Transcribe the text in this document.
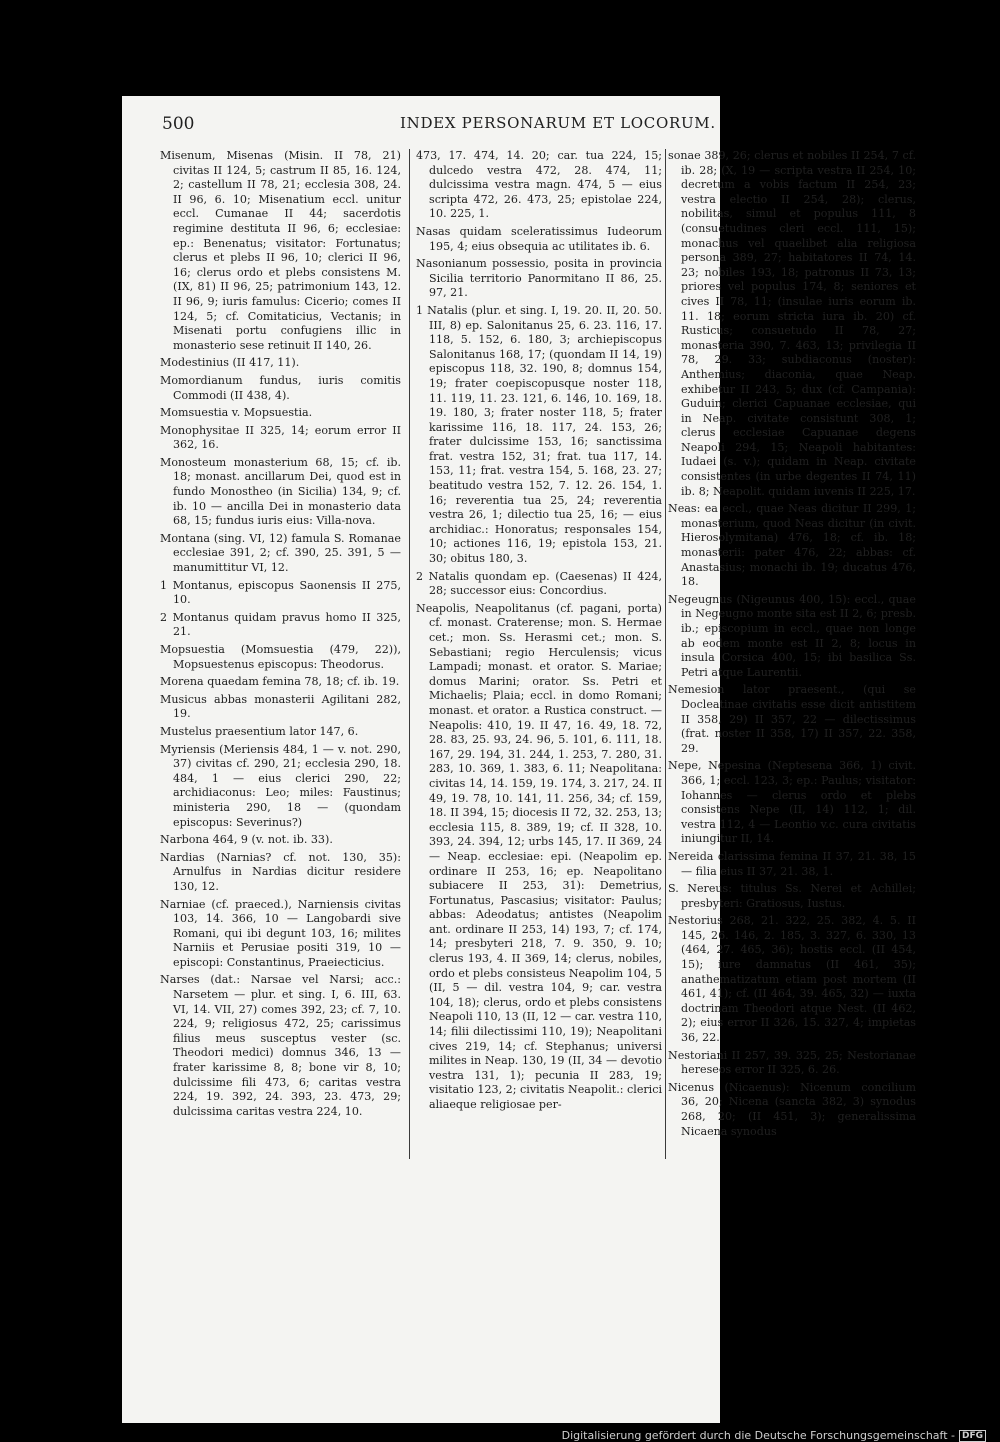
500	INDEX PERSONARUM ET LOCORUM.

Misenum, Misenas (Misin. II 78, 21) civitas II 124, 5; castrum II 85, 16. 124, 2; castellum II 78, 21; ecclesia 308, 24. II 96, 6. 10; Misenatium eccl. unitur eccl. Cumanae II 44; sacerdotis regimine destituta II 96, 6; ecclesiae: ep.: Benenatus; visitator: Fortunatus; clerus et plebs II 96, 10; clerici II 96, 16; clerus ordo et plebs consistens M. (IX, 81) II 96, 25; patrimonium 143, 12. II 96, 9; iuris famulus: Cicerio; comes II 124, 5; cf. Comitaticius, Vectanis; in Misenati portu confugiens illic in monasterio sese retinuit II 140, 26.

Modestinius (II 417, 11).

Momordianum fundus, iuris comitis Commodi (II 438, 4).

Momsuestia v. Mopsuestia.

Monophysitae II 325, 14; eorum error II 362, 16.

Monosteum monasterium 68, 15; cf. ib. 18; monast. ancillarum Dei, quod est in fundo Monostheo (in Sicilia) 134, 9; cf. ib. 10 — ancilla Dei in monasterio data 68, 15; fundus iuris eius: Villa-nova.

Montana (sing. VI, 12) famula S. Romanae ecclesiae 391, 2; cf. 390, 25. 391, 5 — manumittitur VI, 12.

1 Montanus, episcopus Saonensis II 275, 10.

2 Montanus quidam pravus homo II 325, 21.

Mopsuestia (Momsuestia (479, 22)), Mopsuestenus episcopus: Theodorus.

Morena quaedam femina 78, 18; cf. ib. 19.

Musicus abbas monasterii Agilitani 282, 19.

Mustelus praesentium lator 147, 6.

Myriensis (Meriensis 484, 1 — v. not. 290, 37) civitas cf. 290, 21; ecclesia 290, 18. 484, 1 — eius clerici 290, 22; archidiaconus: Leo; miles: Faustinus; ministeria 290, 18 — (quondam episcopus: Severinus?)

Narbona 464, 9 (v. not. ib. 33).

Nardias (Narnias? cf. not. 130, 35): Arnulfus in Nardias dicitur residere 130, 12.

Narniae (cf. praeced.), Narniensis civitas 103, 14. 366, 10 — Langobardi sive Romani, qui ibi degunt 103, 16; milites Narniis et Perusiae positi 319, 10 — episcopi: Constantinus, Praeiecticius.

Narses (dat.: Narsae vel Narsi; acc.: Narsetem — plur. et sing. I, 6. III, 63. VI, 14. VII, 27) comes 392, 23; cf. 7, 10. 224, 9; religiosus 472, 25; carissimus filius meus susceptus vester (sc. Theodori medici) domnus 346, 13 — frater karissime 8, 8; bone vir 8, 10; dulcissime fili 473, 6; caritas vestra 224, 19. 392, 24. 393, 23. 473, 29; dulcissima caritas vestra 224, 10.

473, 17. 474, 14. 20; car. tua 224, 15; dulcedo vestra 472, 28. 474, 11; dulcissima vestra magn. 474, 5 — eius scripta 472, 26. 473, 25; epistolae 224, 10. 225, 1.

Nasas quidam sceleratissimus Iudeorum 195, 4; eius obsequia ac utilitates ib. 6.

Nasonianum possessio, posita in provincia Sicilia territorio Panormitano II 86, 25. 97, 21.

1 Natalis (plur. et sing. I, 19. 20. II, 20. 50. III, 8) ep. Salonitanus 25, 6. 23. 116, 17. 118, 5. 152, 6. 180, 3; archiepiscopus Salonitanus 168, 17; (quondam II 14, 19) episcopus 118, 32. 190, 8; domnus 154, 19; frater coepiscopusque noster 118, 11. 119, 11. 23. 121, 6. 146, 10. 169, 18. 19. 180, 3; frater noster 118, 5; frater karissime 116, 18. 117, 24. 153, 26; frater dulcissime 153, 16; sanctissima frat. vestra 152, 31; frat. tua 117, 14. 153, 11; frat. vestra 154, 5. 168, 23. 27; beatitudo vestra 152, 7. 12. 26. 154, 1. 16; reverentia tua 25, 24; reverentia vestra 26, 1; dilectio tua 25, 16; — eius archidiac.: Honoratus; responsales 154, 10; actiones 116, 19; epistola 153, 21. 30; obitus 180, 3.

2 Natalis quondam ep. (Caesenas) II 424, 28; successor eius: Concordius.

Neapolis, Neapolitanus (cf. pagani, porta) cf. monast. Craterense; mon. S. Hermae cet.; mon. Ss. Herasmi cet.; mon. S. Sebastiani; regio Herculensis; vicus Lampadi; monast. et orator. S. Mariae; domus Marini; orator. Ss. Petri et Michaelis; Plaia; eccl. in domo Romani; monast. et orator. a Rustica construct. — Neapolis: 410, 19. II 47, 16. 49, 18. 72, 28. 83, 25. 93, 24. 96, 5. 101, 6. 111, 18. 167, 29. 194, 31. 244, 1. 253, 7. 280, 31. 283, 10. 369, 1. 383, 6. 11; Neapolitana: civitas 14, 14. 159, 19. 174, 3. 217, 24. II 49, 19. 78, 10. 141, 11. 256, 34; cf. 159, 18. II 394, 15; diocesis II 72, 32. 253, 13; ecclesia 115, 8. 389, 19; cf. II 328, 10. 393, 24. 394, 12; urbs 145, 17. II 369, 24 — Neap. ecclesiae: epi. (Neapolim ep. ordinare II 253, 16; ep. Neapolitano subiacere II 253, 31): Demetrius, Fortunatus, Pascasius; visitator: Paulus; abbas: Adeodatus; antistes (Neapolim ant. ordinare II 253, 14) 193, 7; cf. 174, 14; presbyteri 218, 7. 9. 350, 9. 10; clerus 193, 4. II 369, 14; clerus, nobiles, ordo et plebs consisteus Neapolim 104, 5 (II, 5 — dil. vestra 104, 9; car. vestra 104, 18); clerus, ordo et plebs consistens Neapoli 110, 13 (II, 12 — car. vestra 110, 14; filii dilectissimi 110, 19); Neapolitani cives 219, 14; cf. Stephanus; universi milites in Neap. 130, 19 (II, 34 — devotio vestra 131, 1); pecunia II 283, 19; visitatio 123, 2; civitatis Neapolit.: clerici aliaeque religiosae per-

sonae 389, 26; clerus et nobiles II 254, 7 cf. ib. 28; (X, 19 — scripta vestra II 254, 10; decretum a vobis factum II 254, 23; vestra electio II 254, 28); clerus, nobilitas, simul et populus 111, 8 (consuetudines cleri eccl. 111, 15); monachus vel quaelibet alia religiosa persona 389, 27; habitatores II 74, 14. 23; nobiles 193, 18; patronus II 73, 13; priores vel populus 174, 8; seniores et cives II 78, 11; (insulae iuris eorum ib. 11. 18; eorum stricta iura ib. 20) cf. Rusticus; consuetudo II 78, 27; monasteria 390, 7. 463, 13; privilegia II 78, 29. 33; subdiaconus (noster): Anthemius; diaconia, quae Neap. exhibetur II 243, 5; dux (cf. Campania): Guduin; clerici Capuanae ecclesiae, qui in Neap. civitate consistunt 308, 1; clerus ecclesiae Capuanae degens Neapoli 294, 15; Neapoli habitantes: Iudaei (s. v.); quidam in Neap. civitate consistentes (in urbe degentes II 74, 11) ib. 8; Neapolit. quidam iuvenis II 225, 17.

Neas: ea eccl., quae Neas dicitur II 299, 1; monasterium, quod Neas dicitur (in civit. Hierosolymitana) 476, 18; cf. ib. 18; monasterii: pater 476, 22; abbas: cf. Anastasius; monachi ib. 19; ducatus 476, 18.

Negeugnus (Nigeunus 400, 15): eccl., quae in Negeugno monte sita est II 2, 6; presb. ib.; episcopium in eccl., quae non longe ab eodem monte est II 2, 8; locus in insula Corsica 400, 15; ibi basilica Ss. Petri atque Laurentii.

Nemesion lator praesent., (qui se Docleatinae civitatis esse dicit antistitem II 358, 29) II 357, 22 — dilectissimus (frat. noster II 358, 17) II 357, 22. 358, 29.

Nepe, Nepesina (Neptesena 366, 1) civit. 366, 1; eccl. 123, 3; ep.: Paulus; visitator: Iohannes — clerus ordo et plebs consistens Nepe (II, 14) 112, 1; dil. vestra 112, 4 — Leontio v.c. cura civitatis iniungitur II, 14.

Nereida clarissima femina II 37, 21. 38, 15 — filia eius II 37, 21. 38, 1.

S. Nereus: titulus Ss. Nerei et Achillei; presbyteri: Gratiosus, Iustus.

Nestorius 268, 21. 322, 25. 382, 4. 5. II 145, 26. 146, 2. 185, 3. 327, 6. 330, 13 (464, 27. 465, 36); hostis eccl. (II 454, 15); iure damnatus (II 461, 35); anathematizatum etiam post mortem (II 461, 41); cf. (II 464, 39. 465, 32) — iuxta doctrinam Theodori atque Nest. (II 462, 2); eius error II 326, 15. 327, 4; impietas 36, 22.

Nestoriani II 257, 39. 325, 25; Nestorianae hereseos error II 325, 6. 26.

Nicenus (Nicaenus): Nicenum concilium 36, 20; Nicena (sancta 382, 3) synodus 268, 20; (II 451, 3); generalissima Nicaena synodus

Digitalisierung gefördert durch die Deutsche Forschungsgemeinschaft - DFG
